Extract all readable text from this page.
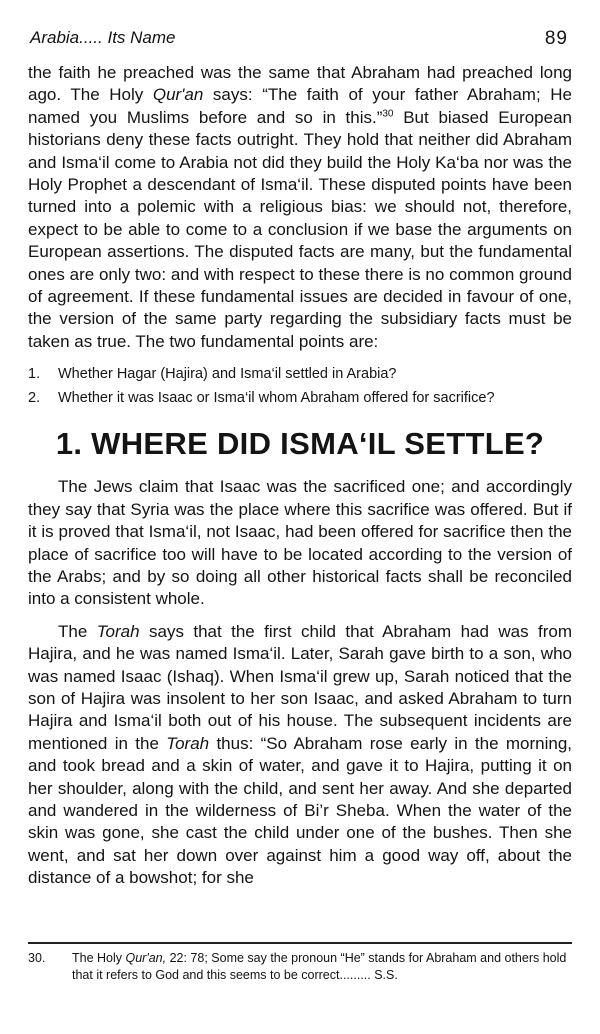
Arabia..... Its Name	89

the faith he preached was the same that Abraham had preached long ago. The Holy Qur'an says: “The faith of your father Abraham; He named you Muslims before and so in this.”$^{30}$ But biased European historians deny these facts outright. They hold that neither did Abraham and Isma‘il come to Arabia not did they build the Holy Ka‘ba nor was the Holy Prophet a descendant of Isma‘il. These disputed points have been turned into a polemic with a religious bias: we should not, therefore, expect to be able to come to a conclusion if we base the arguments on European assertions. The disputed facts are many, but the fundamental ones are only two: and with respect to these there is no common ground of agreement. If these fundamental issues are decided in favour of one, the version of the same party regarding the subsidiary facts must be taken as true. The two fundamental points are:

1.	Whether Hagar (Hajira) and Isma‘il settled in Arabia?
2.	Whether it was Isaac or Isma‘il whom Abraham offered for sacrifice?
1. WHERE DID ISMA‘IL SETTLE?

The Jews claim that Isaac was the sacrificed one; and accordingly they say that Syria was the place where this sacrifice was offered. But if it is proved that Isma‘il, not Isaac, had been offered for sacrifice then the place of sacrifice too will have to be located according to the version of the Arabs; and by so doing all other historical facts shall be reconciled into a consistent whole.

The Torah says that the first child that Abraham had was from Hajira, and he was named Isma‘il. Later, Sarah gave birth to a son, who was named Isaac (Ishaq). When Isma‘il grew up, Sarah noticed that the son of Hajira was insolent to her son Isaac, and asked Abraham to turn Hajira and Isma‘il both out of his house. The subsequent incidents are mentioned in the Torah thus: “So Abraham rose early in the morning, and took bread and a skin of water, and gave it to Hajira, putting it on her shoulder, along with the child, and sent her away. And she departed and wandered in the wilderness of Bi’r Sheba. When the water of the skin was gone, she cast the child under one of the bushes. Then she went, and sat her down over against him a good way off, about the distance of a bowshot; for she

30.	The Holy Qur'an, 22: 78; Some say the pronoun “He” stands for Abraham and others hold that it refers to God and this seems to be correct......... S.S.
